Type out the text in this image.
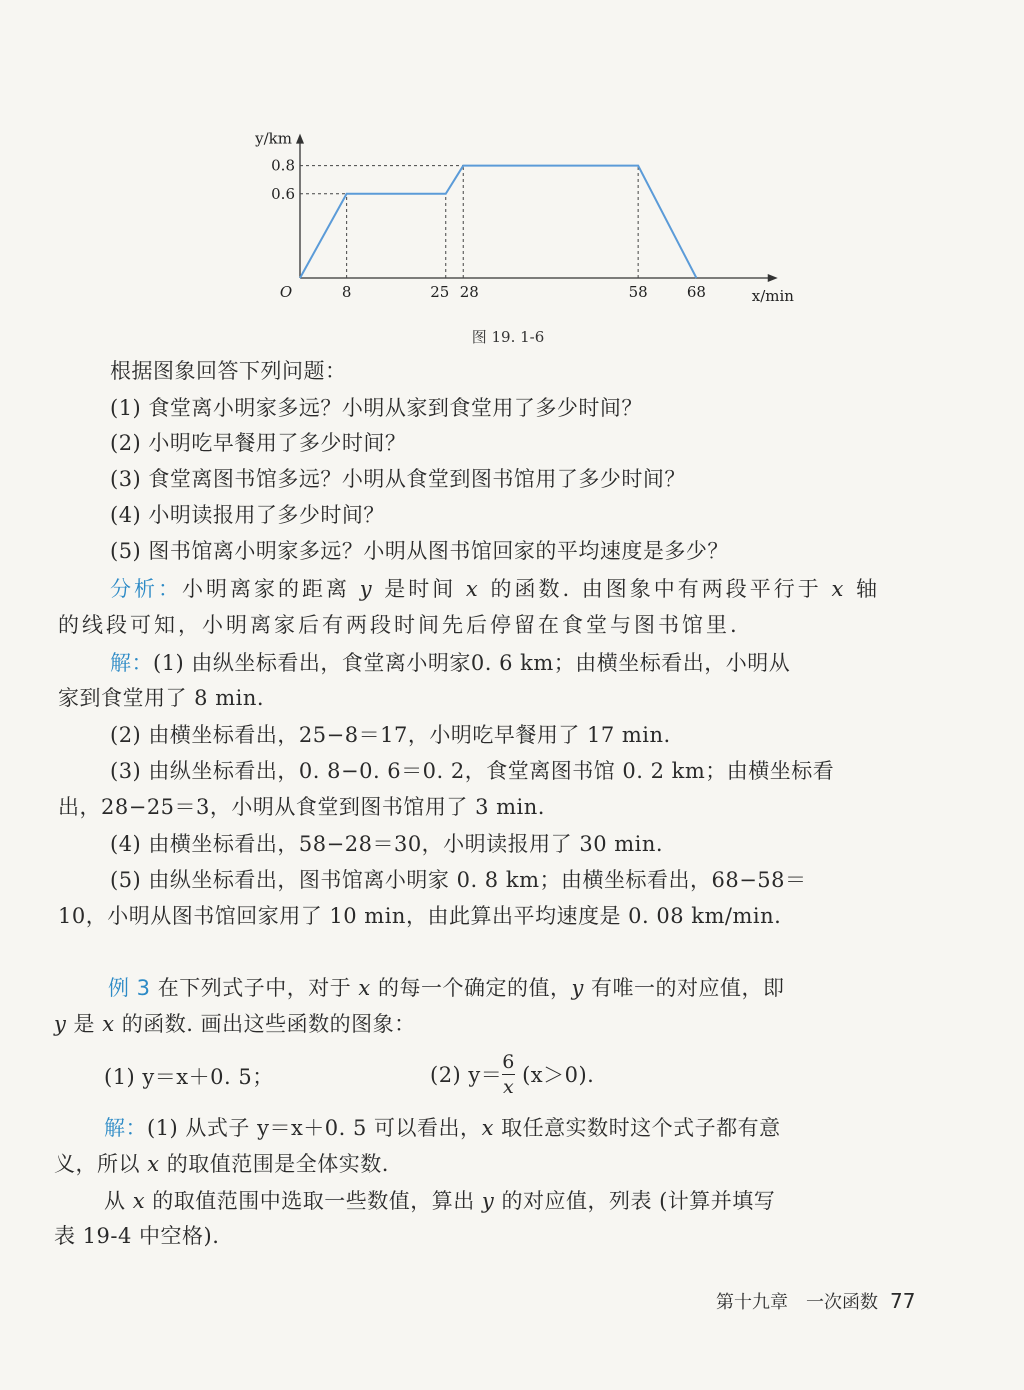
8	25 28	58	68
0.6
0.8
O	x/min
y/km
图 19. 1-6
根据图象回答下列问题：
(1) 食堂离小明家多远？小明从家到食堂用了多少时间？
(2) 小明吃早餐用了多少时间？
(3) 食堂离图书馆多远？小明从食堂到图书馆用了多少时间？
(4) 小明读报用了多少时间？
(5) 图书馆离小明家多远？小明从图书馆回家的平均速度是多少？
分析：小明离家的距离 y 是时间 x 的函数. 由图象中有两段平行于 x 轴
的线段可知，小明离家后有两段时间先后停留在食堂与图书馆里.
解：(1) 由纵坐标看出，食堂离小明家0. 6 km；由横坐标看出，小明从
家到食堂用了 8 min.
(2) 由横坐标看出，25−8＝17，小明吃早餐用了 17 min.
(3) 由纵坐标看出，0. 8−0. 6＝0. 2，食堂离图书馆 0. 2 km；由横坐标看
出，28−25＝3，小明从食堂到图书馆用了 3 min.
(4) 由横坐标看出，58−28＝30，小明读报用了 30 min.
(5) 由纵坐标看出，图书馆离小明家 0. 8 km；由横坐标看出，68−58＝
10，小明从图书馆回家用了 10 min，由此算出平均速度是 0. 08 km/min.
例 3 在下列式子中，对于 x 的每一个确定的值，y 有唯一的对应值，即
y 是 x 的函数. 画出这些函数的图象：
(1) y＝x＋0. 5；	(2) $y= \frac{6}{x} (x>0)$.
解：(1) 从式子 y＝x＋0. 5 可以看出，x 取任意实数时这个式子都有意
义，所以 x 的取值范围是全体实数.
从 x 的取值范围中选取一些数值，算出 y 的对应值，列表 (计算并填写
表 19-4 中空格).
第十九章　一次函数 77
